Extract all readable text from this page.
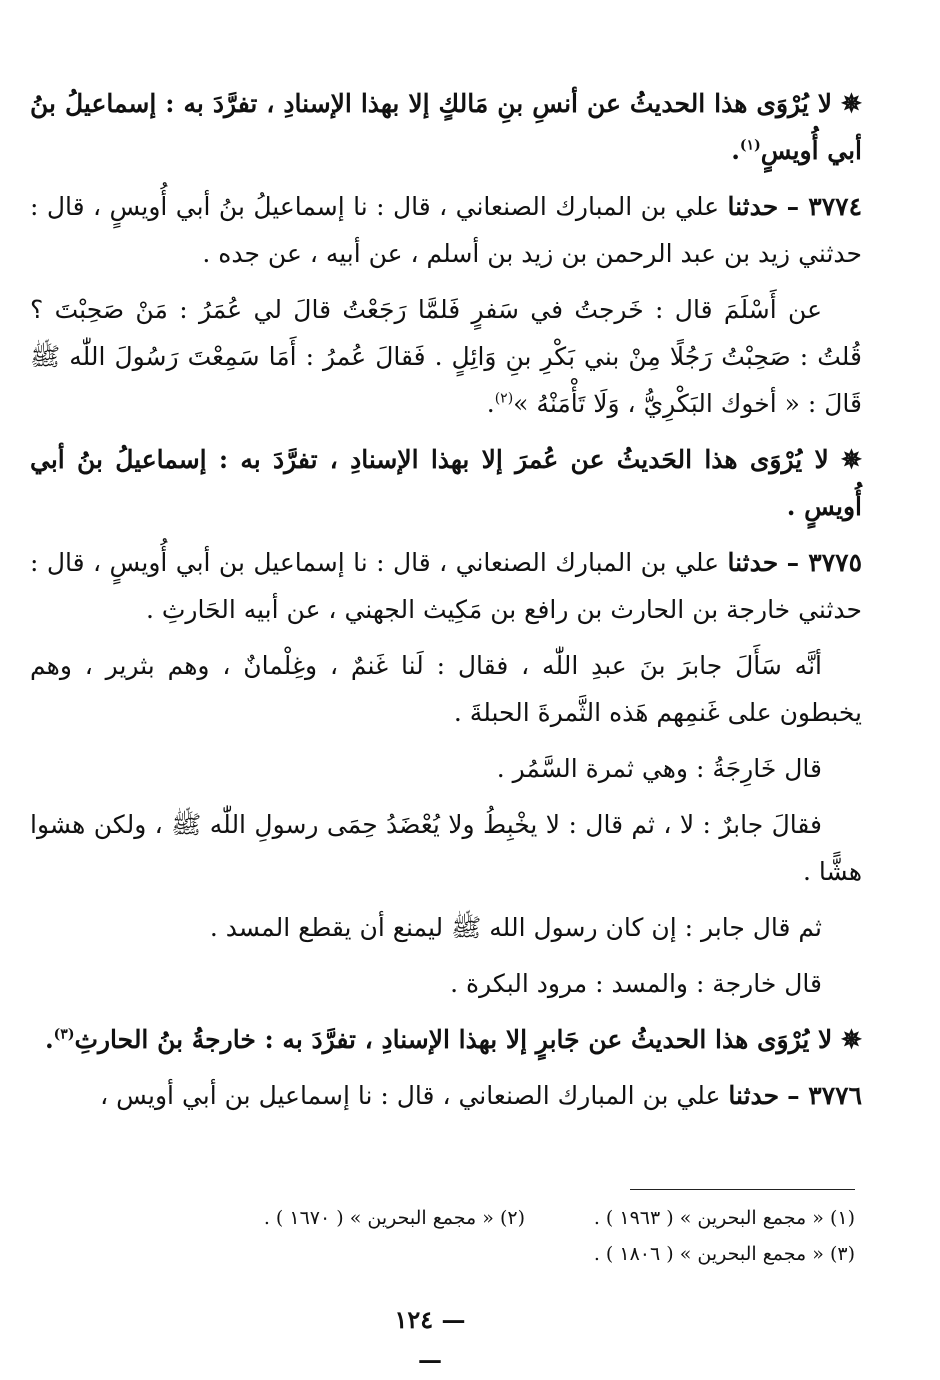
✵ لا يُرْوَى هذا الحديثُ عن أنسِ بنِ مَالكٍ إلا بهذا الإسنادِ ، تفرَّدَ به : إسماعيلُ بنُ أبي أُويسٍ$^{(١)}$.

٣٧٧٤ – حدثنا علي بن المبارك الصنعاني ، قال : نا إسماعيلُ بنُ أبي أُويسٍ ، قال : حدثني زيد بن عبد الرحمن بن زيد بن أسلم ، عن أبيه ، عن جده .

عن أَسْلَمَ قال : خَرجتُ في سَفرٍ فَلمَّا رَجَعْتُ قالَ لي عُمَرُ : مَنْ صَحِبْتَ ؟ قُلتُ : صَحِبْتُ رَجُلًا مِنْ بني بَكْرِ بنِ وَائِلٍ . فَقالَ عُمرُ : أَمَا سَمِعْتَ رَسُولَ اللّٰه ﷺ قَالَ : « أخوك البَكْرِيُّ ، وَلَا تَأْمَنْهُ »$^{(٢)}$.

✵ لا يُرْوَى هذا الحَديثُ عن عُمرَ إلا بهذا الإسنادِ ، تفرَّدَ به : إسماعيلُ بنُ أبي أُويسٍ .

٣٧٧٥ – حدثنا علي بن المبارك الصنعاني ، قال : نا إسماعيل بن أبي أُويسٍ ، قال : حدثني خارجة بن الحارث بن رافع بن مَكِيث الجهني ، عن أبيه الحَارثِ .

أنَّه سَأَلَ جابرَ بنَ عبدِ اللّٰه ، فقال : لَنا غَنمٌ ، وغِلْمانٌ ، وهم بثرير ، وهم يخبطون على غَنمِهم هَذه الثَّمرةَ الحبلةَ .

قال خَارِجَةُ : وهي ثمرة السَّمُر .

فقالَ جابرٌ : لا ، ثم قال : لا يخْبِطُ ولا يُعْضَدُ حِمَى رسولِ اللّٰه ﷺ ، ولكن هشوا هشًّا .

ثم قال جابر : إن كان رسول الله ﷺ ليمنع أن يقطع المسد .

قال خارجة : والمسد : مرود البكرة .

✵ لا يُرْوَى هذا الحديثُ عن جَابرٍ إلا بهذا الإسنادِ ، تفرَّدَ به : خارجةُ بنُ الحارثِ$^{(٣)}$.

٣٧٧٦ – حدثنا علي بن المبارك الصنعاني ، قال : نا إسماعيل بن أبي أويس ،

(١) « مجمع البحرين » ( ١٩٦٣ ) .
(٢) « مجمع البحرين » ( ١٦٧٠ ) .
(٣) « مجمع البحرين » ( ١٨٠٦ ) .
— ١٢٤ —
